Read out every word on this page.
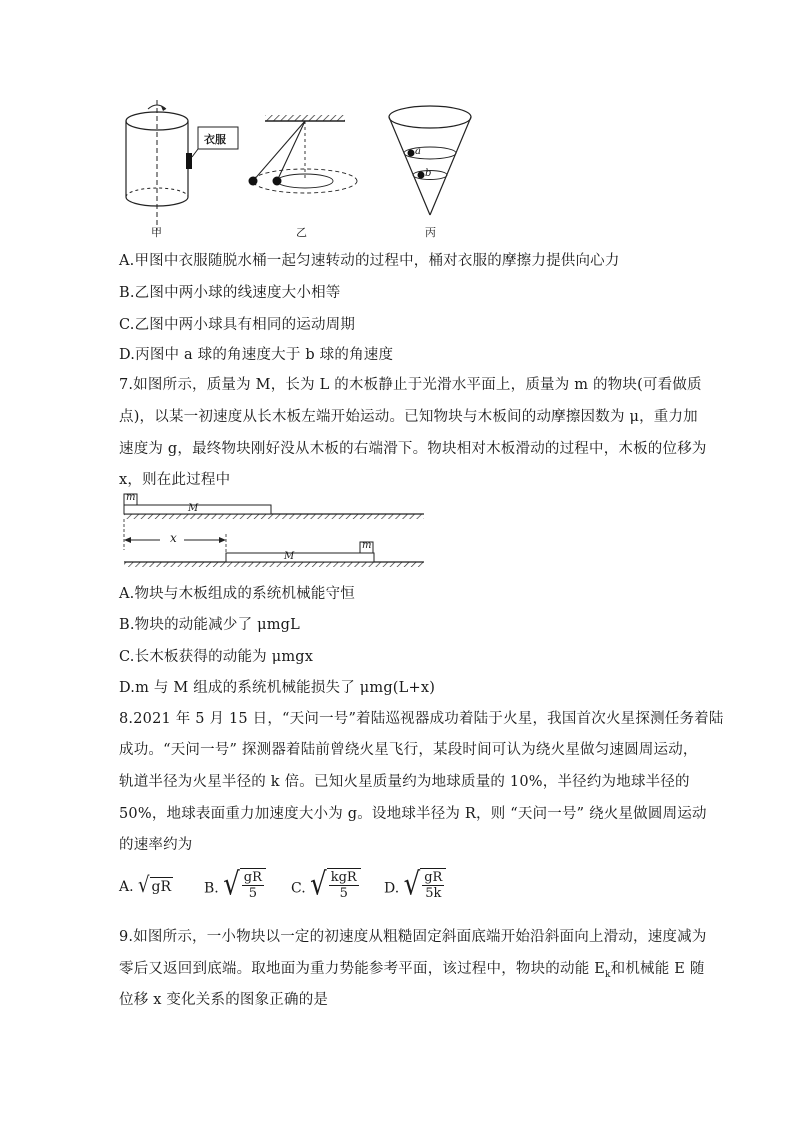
衣服
a
b
甲	乙	丙
A.甲图中衣服随脱水桶一起匀速转动的过程中，桶对衣服的摩擦力提供向心力
B.乙图中两小球的线速度大小相等
C.乙图中两小球具有相同的运动周期
D.丙图中 a 球的角速度大于 b 球的角速度
7.如图所示，质量为 M，长为 L 的木板静止于光滑水平面上，质量为 m 的物块(可看做质
点)，以某一初速度从长木板左端开始运动。已知物块与木板间的动摩擦因数为 μ，重力加
速度为 g，最终物块刚好没从木板的右端滑下。物块相对木板滑动的过程中，木板的位移为
x，则在此过程中
m
M
x
m
M
A.物块与木板组成的系统机械能守恒
B.物块的动能减少了 μmgL
C.长木板获得的动能为 μmgx
D.m 与 M 组成的系统机械能损失了 μmg(L+x)
8.2021 年 5 月 15 日，“天问一号”着陆巡视器成功着陆于火星，我国首次火星探测任务着陆
成功。“天问一号” 探测器着陆前曾绕火星飞行，某段时间可认为绕火星做匀速圆周运动，
轨道半径为火星半径的 k 倍。已知火星质量约为地球质量的 10%，半径约为地球半径的
50%，地球表面重力加速度大小为 g。设地球半径为 R，则 “天问一号” 绕火星做圆周运动
的速率约为
A. √ gR B. √ $\frac{gR}{5} C$. √ $\frac{\text{kgR}}{5} D$. √ $\frac{gR}{5k}$
9.如图所示，一小物块以一定的初速度从粗糙固定斜面底端开始沿斜面向上滑动，速度减为
零后又返回到底端。取地面为重力势能参考平面，该过程中，物块的动能 $E_k$和机械能 E 随
位移 x 变化关系的图象正确的是
